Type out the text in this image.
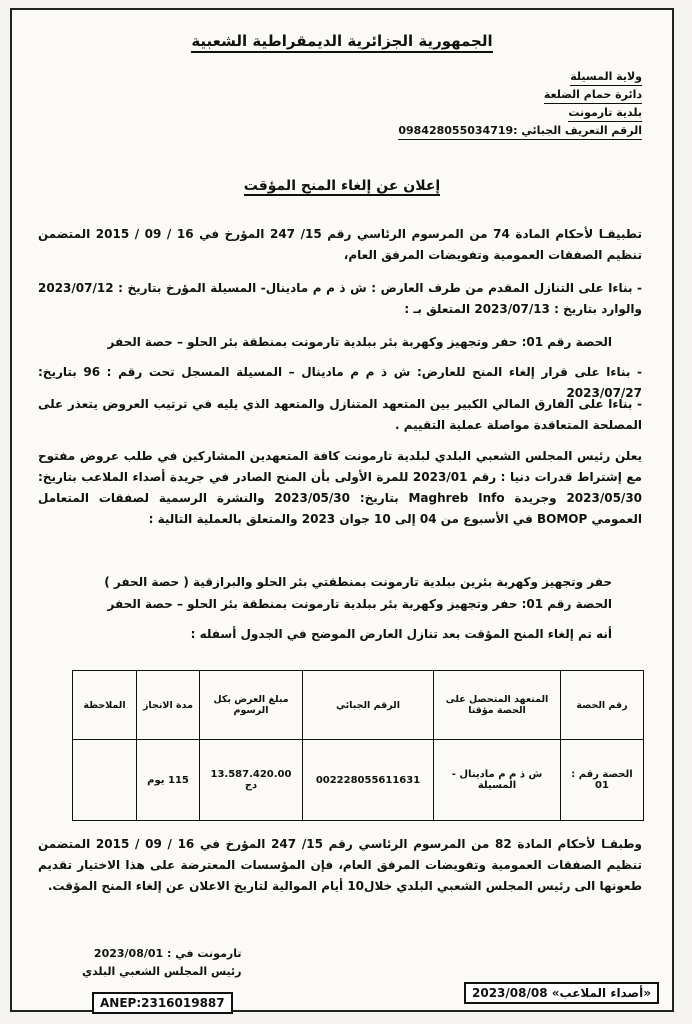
الجمهورية الجزائرية الديمقراطية الشعبية
ولاية المسيلة
دائرة حمام الضلعة
بلدية تارمونت
الرقم التعريف الجبائي :098428055034719
إعلان عن إلغاء المنح المؤقت
تطبيقـا لأحكام المادة 74 من المرسوم الرئاسي رقم 15/ 247 المؤرخ في 16 / 09 / 2015 المتضمن تنظيم الصفقات العمومية وتفويضات المرفق العام،
- بناءا على التنازل المقدم من طرف العارض : ش ذ م م مادينال- المسيلة المؤرخ بتاريخ : 2023/07/12 والوارد بتاريخ : 2023/07/13 المتعلق بـ :
الحصة رقم 01: حفر وتجهيز وكهربة بئر ببلدية تارمونت بمنطقة بئر الحلو – حصة الحفر
- بناءا على قرار إلغاء المنح للعارض: ش ذ م م مادينال – المسيلة المسجل تحت رقم : 96 بتاريخ: 2023/07/27
- بناءا على الفارق المالي الكبير بين المتعهد المتنازل والمتعهد الذي يليه في ترتيب العروض يتعذر على المصلحة المتعاقدة مواصلة عملية التقييم .
يعلن رئيس المجلس الشعبي البلدي لبلدية تارمونت كافة المتعهدين المشاركين في طلب عروض مفتوح مع إشتراط قدرات دنيا : رقم 2023/01 للمرة الأولى بأن المنح الصادر في جريدة أصداء الملاعب بتاريخ: 2023/05/30 وجريدة Maghreb Info بتاريخ: 2023/05/30 والنشرة الرسمية لصفقات المتعامل العمومي BOMOP في الأسبوع من 04 إلى 10 جوان 2023 والمتعلق بالعملية التالية :
حفر وتجهيز وكهربة بئرين ببلدية تارمونت بمنطقتي بئر الحلو والبرازقية ( حصة الحفر )
الحصة رقم 01: حفر وتجهيز وكهربة بئر ببلدية تارمونت بمنطقة بئر الحلو – حصة الحفر
أنه تم إلغاء المنح المؤقت بعد تنازل العارض الموضح في الجدول أسفله :
رقم الحصة	المتعهد المتحصل على الحصة مؤقتا	الرقم الجبائي	مبلغ العرض بكل الرسوم	مدة الانجاز	الملاحظة
الحصة رقم : 01	ش ذ م م مادينال - المسيلة	002228055611631	13.587.420.00 دج	115 يوم	
وطبقـا لأحكام المادة 82 من المرسوم الرئاسي رقم 15/ 247 المؤرخ في 16 / 09 / 2015 المتضمن تنظيم الصفقات العمومية وتفويضات المرفق العام، فإن المؤسسات المعترضة على هذا الاختيار تقديم طعونها الى رئيس المجلس الشعبي البلدي خلال10 أيام الموالية لتاريخ الاعلان عن إلغاء المنح المؤقت.
تارمونت في : 2023/08/01
رئيس المجلس الشعبي البلدي
ANEP:2316019887
«أصداء الملاعب» 2023/08/08
